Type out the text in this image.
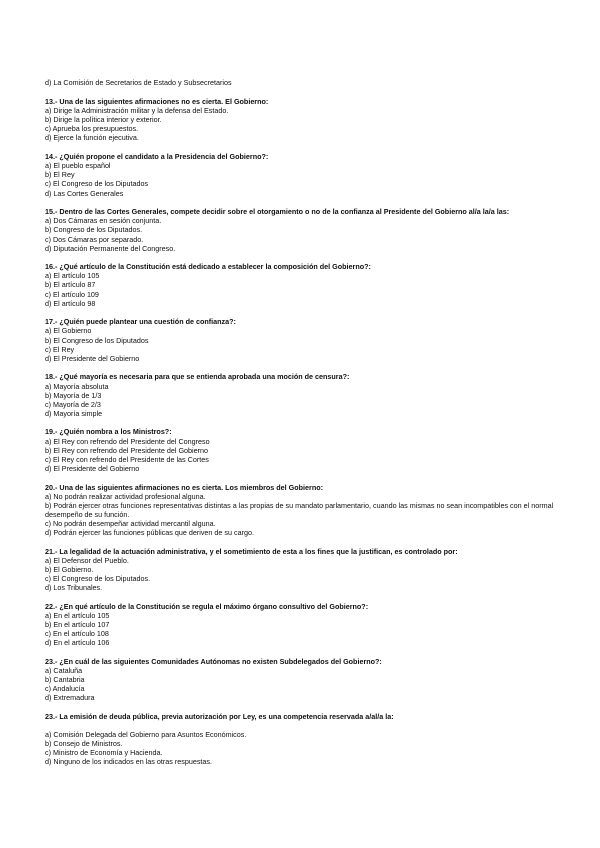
d) La Comisión de Secretarios de Estado y Subsecretarios
13.- Una de las siguientes afirmaciones no es cierta. El Gobierno:
a) Dirige la Administración militar y la defensa del Estado.
b) Dirige la política interior y exterior.
c) Aprueba los presupuestos.
d) Ejerce la función ejecutiva.
14.- ¿Quién propone el candidato a la Presidencia del Gobierno?:
a) El pueblo español
b) El Rey
c) El Congreso de los Diputados
d) Las Cortes Generales
15.- Dentro de las Cortes Generales, compete decidir sobre el otorgamiento o no de la confianza al Presidente del Gobierno al/a la/a las:
a) Dos Cámaras en sesión conjunta.
b) Congreso de los Diputados.
c) Dos Cámaras por separado.
d) Diputación Permanente del Congreso.
16.- ¿Qué artículo de la Constitución está dedicado a establecer la composición del Gobierno?:
a) El artículo 105
b) El artículo 87
c) El artículo 109
d) El artículo 98
17.- ¿Quién puede plantear una cuestión de confianza?:
a) El Gobierno
b) El Congreso de los Diputados
c) El Rey
d) El Presidente del Gobierno
18.- ¿Qué mayoría es necesaria para que se entienda aprobada una moción de censura?:
a) Mayoría absoluta
b) Mayoría de 1/3
c) Mayoría de 2/3
d) Mayoría simple
19.- ¿Quién nombra a los Ministros?:
a) El Rey con refrendo del Presidente del Congreso
b) El Rey con refrendo del Presidente del Gobierno
c) El Rey con refrendo del Presidente de las Cortes
d) El Presidente del Gobierno
20.- Una de las siguientes afirmaciones no es cierta. Los miembros del Gobierno:
a) No podrán realizar actividad profesional alguna.
b) Podrán ejercer otras funciones representativas distintas a las propias de su mandato parlamentario, cuando las mismas no sean incompatibles con el normal desempeño de su función.
c) No podrán desempeñar actividad mercantil alguna.
d) Podrán ejercer las funciones públicas que deriven de su cargo.
21.- La legalidad de la actuación administrativa, y el sometimiento de esta a los fines que la justifican, es controlado por:
a) El Defensor del Pueblo.
b) El Gobierno.
c) El Congreso de los Diputados.
d) Los Tribunales.
22.- ¿En qué artículo de la Constitución se regula el máximo órgano consultivo del Gobierno?:
a) En el artículo 105
b) En el artículo 107
c) En el artículo 108
d) En el artículo 106
23.- ¿En cuál de las siguientes Comunidades Autónomas no existen Subdelegados del Gobierno?:
a) Cataluña
b) Cantabria
c) Andalucía
d) Extremadura
23.- La emisión de deuda pública, previa autorización por Ley, es una competencia reservada a/al/a la:
a) Comisión Delegada del Gobierno para Asuntos Económicos.
b) Consejo de Ministros.
c) Ministro de Economía y Hacienda.
d) Ninguno de los indicados en las otras respuestas.
